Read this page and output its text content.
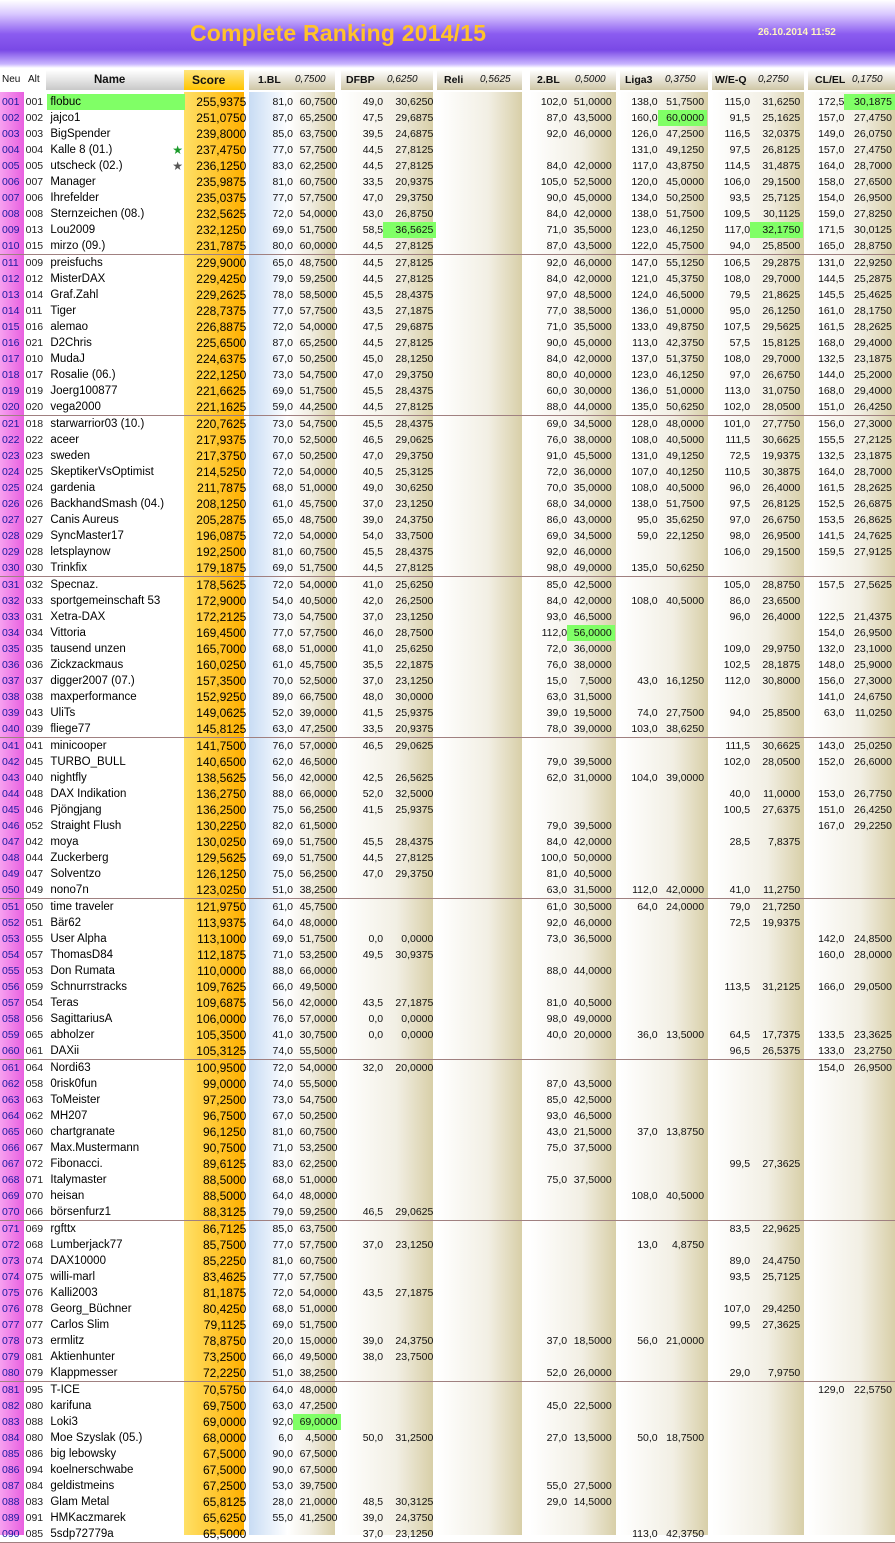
Complete Ranking 2014/15	26.10.2014 11:52
Neu Alt	Name	Score	1.BL 0,7500 DFBP 0,6250	Reli 0,5625	2.BL 0,5000 Liga3 0,3750 W/E-Q 0,2750	CL/EL 0,1750
001	001	flobuc	255,9375		81,0	60,7500		49,0	30,6250					102,0	51,0000		138,0	51,7500		115,0	31,6250		172,5	30,1875
002	002	jajco1	251,0750		87,0	65,2500		47,5	29,6875					87,0	43,5000		160,0	60,0000		91,5	25,1625		157,0	27,4750
003	003	BigSpender	239,8000		85,0	63,7500		39,5	24,6875					92,0	46,0000		126,0	47,2500		116,5	32,0375		149,0	26,0750
004	004	Kalle 8 (01.) ★	237,4750		77,0	57,7500		44,5	27,8125								131,0	49,1250		97,5	26,8125		157,0	27,4750
005	005	utscheck (02.) ★	236,1250		83,0	62,2500		44,5	27,8125					84,0	42,0000		117,0	43,8750		114,5	31,4875		164,0	28,7000
006	007	Manager	235,9875		81,0	60,7500		33,5	20,9375					105,0	52,5000		120,0	45,0000		106,0	29,1500		158,0	27,6500
007	006	Ihrefelder	235,0375		77,0	57,7500		47,0	29,3750					90,0	45,0000		134,0	50,2500		93,5	25,7125		154,0	26,9500
008	008	Sternzeichen (08.)	232,5625		72,0	54,0000		43,0	26,8750					84,0	42,0000		138,0	51,7500		109,5	30,1125		159,0	27,8250
009	013	Lou2009	232,1250		69,0	51,7500		58,5	36,5625					71,0	35,5000		123,0	46,1250		117,0	32,1750		171,5	30,0125
010	015	mirzo (09.)	231,7875		80,0	60,0000		44,5	27,8125					87,0	43,5000		122,0	45,7500		94,0	25,8500		165,0	28,8750
011	009	preisfuchs	229,9000		65,0	48,7500		44,5	27,8125					92,0	46,0000		147,0	55,1250		106,5	29,2875		131,0	22,9250
012	012	MisterDAX	229,4250		79,0	59,2500		44,5	27,8125					84,0	42,0000		121,0	45,3750		108,0	29,7000		144,5	25,2875
013	014	Graf.Zahl	229,2625		78,0	58,5000		45,5	28,4375					97,0	48,5000		124,0	46,5000		79,5	21,8625		145,5	25,4625
014	011	Tiger	228,7375		77,0	57,7500		43,5	27,1875					77,0	38,5000		136,0	51,0000		95,0	26,1250		161,0	28,1750
015	016	alemao	226,8875		72,0	54,0000		47,5	29,6875					71,0	35,5000		133,0	49,8750		107,5	29,5625		161,5	28,2625
016	021	D2Chris	225,6500		87,0	65,2500		44,5	27,8125					90,0	45,0000		113,0	42,3750		57,5	15,8125		168,0	29,4000
017	010	MudaJ	224,6375		67,0	50,2500		45,0	28,1250					84,0	42,0000		137,0	51,3750		108,0	29,7000		132,5	23,1875
018	017	Rosalie (06.)	222,1250		73,0	54,7500		47,0	29,3750					80,0	40,0000		123,0	46,1250		97,0	26,6750		144,0	25,2000
019	019	Joerg100877	221,6625		69,0	51,7500		45,5	28,4375					60,0	30,0000		136,0	51,0000		113,0	31,0750		168,0	29,4000
020	020	vega2000	221,1625		59,0	44,2500		44,5	27,8125					88,0	44,0000		135,0	50,6250		102,0	28,0500		151,0	26,4250
021	018	starwarrior03 (10.)	220,7625		73,0	54,7500		45,5	28,4375					69,0	34,5000		128,0	48,0000		101,0	27,7750		156,0	27,3000
022	022	aceer	217,9375		70,0	52,5000		46,5	29,0625					76,0	38,0000		108,0	40,5000		111,5	30,6625		155,5	27,2125
023	023	sweden	217,3750		67,0	50,2500		47,0	29,3750					91,0	45,5000		131,0	49,1250		72,5	19,9375		132,5	23,1875
024	025	SkeptikerVsOptimist	214,5250		72,0	54,0000		40,5	25,3125					72,0	36,0000		107,0	40,1250		110,5	30,3875		164,0	28,7000
025	024	gardenia	211,7875		68,0	51,0000		49,0	30,6250					70,0	35,0000		108,0	40,5000		96,0	26,4000		161,5	28,2625
026	026	BackhandSmash (04.)	208,1250		61,0	45,7500		37,0	23,1250					68,0	34,0000		138,0	51,7500		97,5	26,8125		152,5	26,6875
027	027	Canis Aureus	205,2875		65,0	48,7500		39,0	24,3750					86,0	43,0000		95,0	35,6250		97,0	26,6750		153,5	26,8625
028	029	SyncMaster17	196,0875		72,0	54,0000		54,0	33,7500					69,0	34,5000		59,0	22,1250		98,0	26,9500		141,5	24,7625
029	028	letsplaynow	192,2500		81,0	60,7500		45,5	28,4375					92,0	46,0000					106,0	29,1500		159,5	27,9125
030	030	Trinkfix	179,1875		69,0	51,7500		44,5	27,8125					98,0	49,0000		135,0	50,6250						
031	032	Specnaz.	178,5625		72,0	54,0000		41,0	25,6250					85,0	42,5000					105,0	28,8750		157,5	27,5625
032	033	sportgemeinschaft 53	172,9000		54,0	40,5000		42,0	26,2500					84,0	42,0000		108,0	40,5000		86,0	23,6500			
033	031	Xetra-DAX	172,2125		73,0	54,7500		37,0	23,1250					93,0	46,5000					96,0	26,4000		122,5	21,4375
034	034	Vittoria	169,4500		77,0	57,7500		46,0	28,7500					112,0	56,0000								154,0	26,9500
035	035	tausend unzen	165,7000		68,0	51,0000		41,0	25,6250					72,0	36,0000					109,0	29,9750		132,0	23,1000
036	036	Zickzackmaus	160,0250		61,0	45,7500		35,5	22,1875					76,0	38,0000					102,5	28,1875		148,0	25,9000
037	037	digger2007 (07.)	157,3500		70,0	52,5000		37,0	23,1250					15,0	7,5000		43,0	16,1250		112,0	30,8000		156,0	27,3000
038	038	maxperformance	152,9250		89,0	66,7500		48,0	30,0000					63,0	31,5000								141,0	24,6750
039	043	UliTs	149,0625		52,0	39,0000		41,5	25,9375					39,0	19,5000		74,0	27,7500		94,0	25,8500		63,0	11,0250
040	039	fliege77	145,8125		63,0	47,2500		33,5	20,9375					78,0	39,0000		103,0	38,6250						
041	041	minicooper	141,7500		76,0	57,0000		46,5	29,0625											111,5	30,6625		143,0	25,0250
042	045	TURBO_BULL	140,6500		62,0	46,5000								79,0	39,5000					102,0	28,0500		152,0	26,6000
043	040	nightfly	138,5625		56,0	42,0000		42,5	26,5625					62,0	31,0000		104,0	39,0000						
044	048	DAX Indikation	136,2750		88,0	66,0000		52,0	32,5000											40,0	11,0000		153,0	26,7750
045	046	Pjöngjang	136,2500		75,0	56,2500		41,5	25,9375											100,5	27,6375		151,0	26,4250
046	052	Straight Flush	130,2250		82,0	61,5000								79,0	39,5000								167,0	29,2250
047	042	moya	130,0250		69,0	51,7500		45,5	28,4375					84,0	42,0000					28,5	7,8375			
048	044	Zuckerberg	129,5625		69,0	51,7500		44,5	27,8125					100,0	50,0000									
049	047	Solventzo	126,1250		75,0	56,2500		47,0	29,3750					81,0	40,5000									
050	049	nono7n	123,0250		51,0	38,2500								63,0	31,5000		112,0	42,0000		41,0	11,2750			
051	050	time traveler	121,9750		61,0	45,7500								61,0	30,5000		64,0	24,0000		79,0	21,7250			
052	051	Bär62	113,9375		64,0	48,0000								92,0	46,0000					72,5	19,9375			
053	055	User Alpha	113,1000		69,0	51,7500		0,0	0,0000					73,0	36,5000								142,0	24,8500
054	057	ThomasD84	112,1875		71,0	53,2500		49,5	30,9375														160,0	28,0000
055	053	Don Rumata	110,0000		88,0	66,0000								88,0	44,0000									
056	059	Schnurrstracks	109,7625		66,0	49,5000														113,5	31,2125		166,0	29,0500
057	054	Teras	109,6875		56,0	42,0000		43,5	27,1875					81,0	40,5000									
058	056	SagittariusA	106,0000		76,0	57,0000		0,0	0,0000					98,0	49,0000									
059	065	abholzer	105,3500		41,0	30,7500		0,0	0,0000					40,0	20,0000		36,0	13,5000		64,5	17,7375		133,5	23,3625
060	061	DAXii	105,3125		74,0	55,5000														96,5	26,5375		133,0	23,2750
061	064	Nordi63	100,9500		72,0	54,0000		32,0	20,0000														154,0	26,9500
062	058	0risk0fun	99,0000		74,0	55,5000								87,0	43,5000									
063	063	ToMeister	97,2500		73,0	54,7500								85,0	42,5000									
064	062	MH207	96,7500		67,0	50,2500								93,0	46,5000									
065	060	chartgranate	96,1250		81,0	60,7500								43,0	21,5000		37,0	13,8750						
066	067	Max.Mustermann	90,7500		71,0	53,2500								75,0	37,5000									
067	072	Fibonacci.	89,6125		83,0	62,2500														99,5	27,3625			
068	071	Italymaster	88,5000		68,0	51,0000								75,0	37,5000									
069	070	heisan	88,5000		64,0	48,0000											108,0	40,5000						
070	066	börsenfurz1	88,3125		79,0	59,2500		46,5	29,0625															
071	069	rgfttx	86,7125		85,0	63,7500														83,5	22,9625			
072	068	Lumberjack77	85,7500		77,0	57,7500		37,0	23,1250								13,0	4,8750						
073	074	DAX10000	85,2250		81,0	60,7500														89,0	24,4750			
074	075	willi-marl	83,4625		77,0	57,7500														93,5	25,7125			
075	076	Kalli2003	81,1875		72,0	54,0000		43,5	27,1875															
076	078	Georg_Büchner	80,4250		68,0	51,0000														107,0	29,4250			
077	077	Carlos Slim	79,1125		69,0	51,7500														99,5	27,3625			
078	073	ermlitz	78,8750		20,0	15,0000		39,0	24,3750					37,0	18,5000		56,0	21,0000						
079	081	Aktienhunter	73,2500		66,0	49,5000		38,0	23,7500															
080	079	Klappmesser	72,2250		51,0	38,2500								52,0	26,0000					29,0	7,9750			
081	095	T-ICE	70,5750		64,0	48,0000																	129,0	22,5750
082	080	karifuna	69,7500		63,0	47,2500								45,0	22,5000									
083	088	Loki3	69,0000		92,0	69,0000																		
084	080	Moe Szyslak (05.)	68,0000		6,0	4,5000		50,0	31,2500					27,0	13,5000		50,0	18,7500						
085	086	big lebowsky	67,5000		90,0	67,5000																		
086	094	koelnerschwabe	67,5000		90,0	67,5000																		
087	084	geldistmeins	67,2500		53,0	39,7500								55,0	27,5000									
088	083	Glam Metal	65,8125		28,0	21,0000		48,5	30,3125					29,0	14,5000									
089	091	HMKaczmarek	65,6250		55,0	41,2500		39,0	24,3750															
090	085	5sdp72779a	65,5000					37,0	23,1250								113,0	42,3750						
